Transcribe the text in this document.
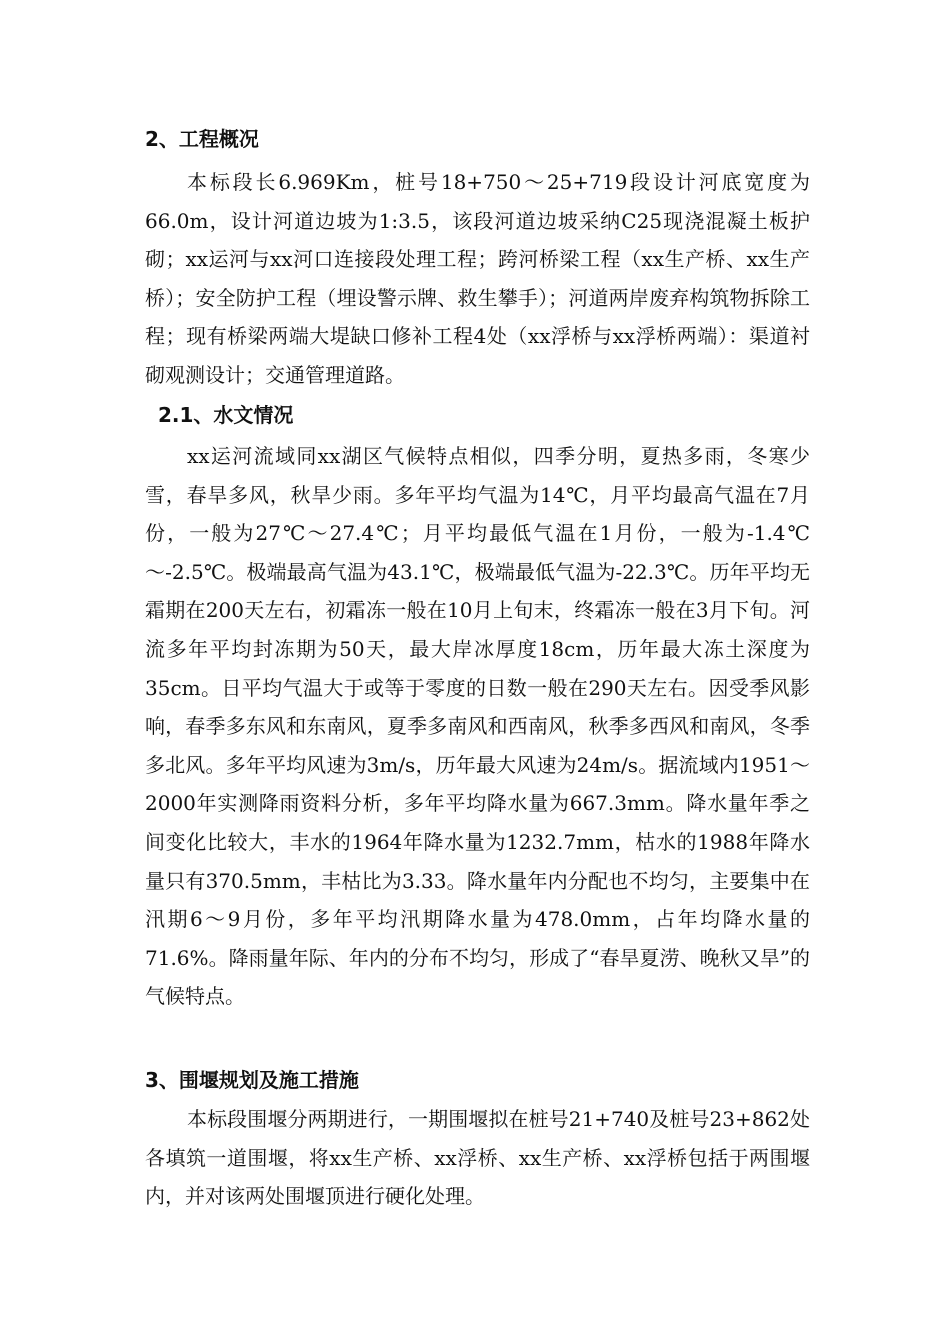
2、工程概况

本标段长6.969Km，桩号18+750～25+719段设计河底宽度为66.0m，设计河道边坡为1:3.5，该段河道边坡采纳C25现浇混凝土板护砌；xx运河与xx河口连接段处理工程；跨河桥梁工程（xx生产桥、xx生产桥）；安全防护工程（埋设警示牌、救生攀手）；河道两岸废弃构筑物拆除工程；现有桥梁两端大堤缺口修补工程4处（xx浮桥与xx浮桥两端）：渠道衬砌观测设计；交通管理道路。

2.1、水文情况

xx运河流域同xx湖区气候特点相似，四季分明，夏热多雨，冬寒少雪，春旱多风，秋旱少雨。多年平均气温为14℃，月平均最高气温在7月份，一般为27℃～27.4℃；月平均最低气温在1月份，一般为-1.4℃～-2.5℃。极端最高气温为43.1℃，极端最低气温为-22.3℃。历年平均无霜期在200天左右，初霜冻一般在10月上旬末，终霜冻一般在3月下旬。河流多年平均封冻期为50天，最大岸冰厚度18cm，历年最大冻土深度为35cm。日平均气温大于或等于零度的日数一般在290天左右。因受季风影响，春季多东风和东南风，夏季多南风和西南风，秋季多西风和南风，冬季多北风。多年平均风速为3m/s，历年最大风速为24m/s。据流域内1951～2000年实测降雨资料分析，多年平均降水量为667.3mm。降水量年季之间变化比较大，丰水的1964年降水量为1232.7mm，枯水的1988年降水量只有370.5mm，丰枯比为3.33。降水量年内分配也不均匀，主要集中在汛期6～9月份，多年平均汛期降水量为478.0mm，占年均降水量的71.6%。降雨量年际、年内的分布不均匀，形成了“春旱夏涝、晚秋又旱”的气候特点。

3、围堰规划及施工措施

本标段围堰分两期进行，一期围堰拟在桩号21+740及桩号23+862处各填筑一道围堰，将xx生产桥、xx浮桥、xx生产桥、xx浮桥包括于两围堰内，并对该两处围堰顶进行硬化处理。
